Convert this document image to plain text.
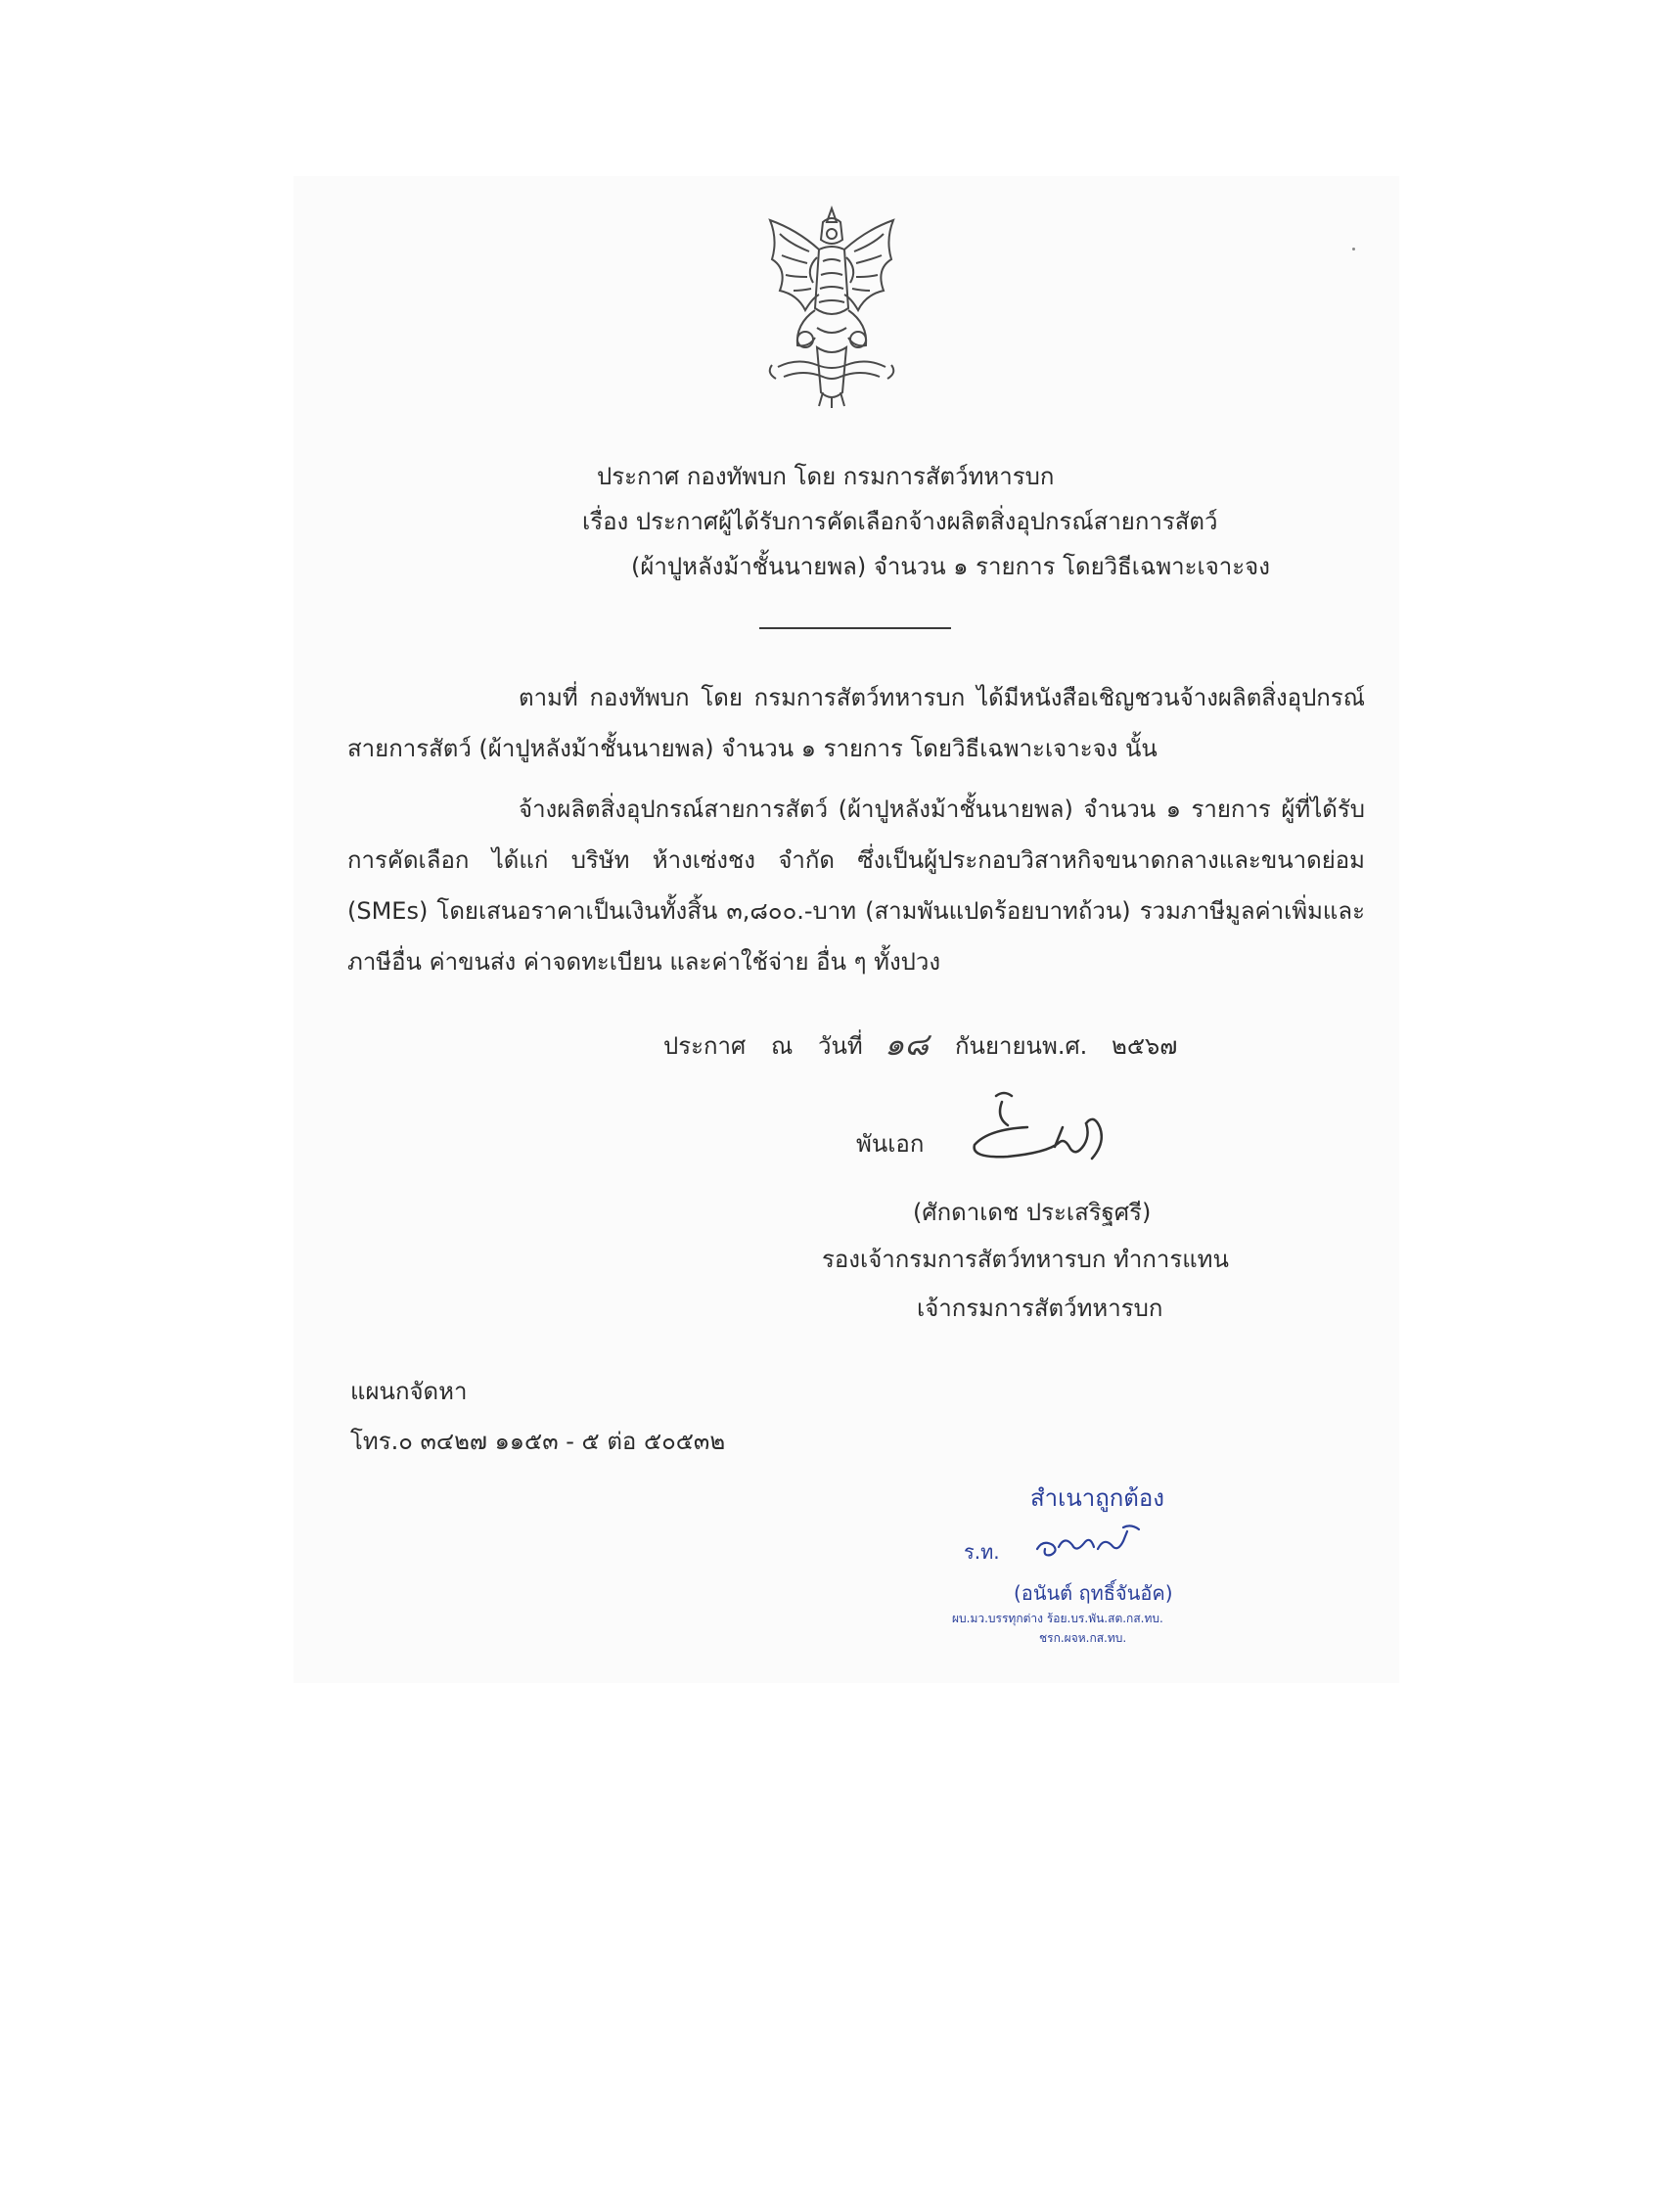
ประกาศ กองทัพบก โดย กรมการสัตว์ทหารบก
เรื่อง ประกาศผู้ได้รับการคัดเลือกจ้างผลิตสิ่งอุปกรณ์สายการสัตว์
(ผ้าปูหลังม้าชั้นนายพล) จำนวน ๑ รายการ โดยวิธีเฉพาะเจาะจง
ตามที่ กองทัพบก โดย กรมการสัตว์ทหารบก ได้มีหนังสือเชิญชวนจ้างผลิตสิ่งอุปกรณ์สายการสัตว์ (ผ้าปูหลังม้าชั้นนายพล) จำนวน ๑ รายการ โดยวิธีเฉพาะเจาะจง นั้น
จ้างผลิตสิ่งอุปกรณ์สายการสัตว์ (ผ้าปูหลังม้าชั้นนายพล) จำนวน ๑ รายการ ผู้ที่ได้รับการคัดเลือก ได้แก่ บริษัท ห้างเซ่งชง จำกัด ซึ่งเป็นผู้ประกอบวิสาหกิจขนาดกลางและขนาดย่อม (SMEs) โดยเสนอราคาเป็นเงินทั้งสิ้น ๓,๘๐๐.-บาท (สามพันแปดร้อยบาทถ้วน) รวมภาษีมูลค่าเพิ่มและภาษีอื่น ค่าขนส่ง ค่าจดทะเบียน และค่าใช้จ่าย อื่น ๆ ทั้งปวง
ประกาศ ณ วันที่ ๑๘ กันยายน พ.ศ. ๒๕๖๗
พันเอก
(ศักดาเดช ประเสริฐศรี)
รองเจ้ากรมการสัตว์ทหารบก ทำการแทน
เจ้ากรมการสัตว์ทหารบก
แผนกจัดหา
โทร.๐ ๓๔๒๗ ๑๑๕๓ - ๕ ต่อ ๕๐๕๓๒
สำเนาถูกต้อง
ร.ท.
(อนันต์ ฤทธิ์จันอัค)
ผบ.มว.บรรทุกต่าง ร้อย.บร.พัน.สต.กส.ทบ.
ชรก.ผจห.กส.ทบ.
